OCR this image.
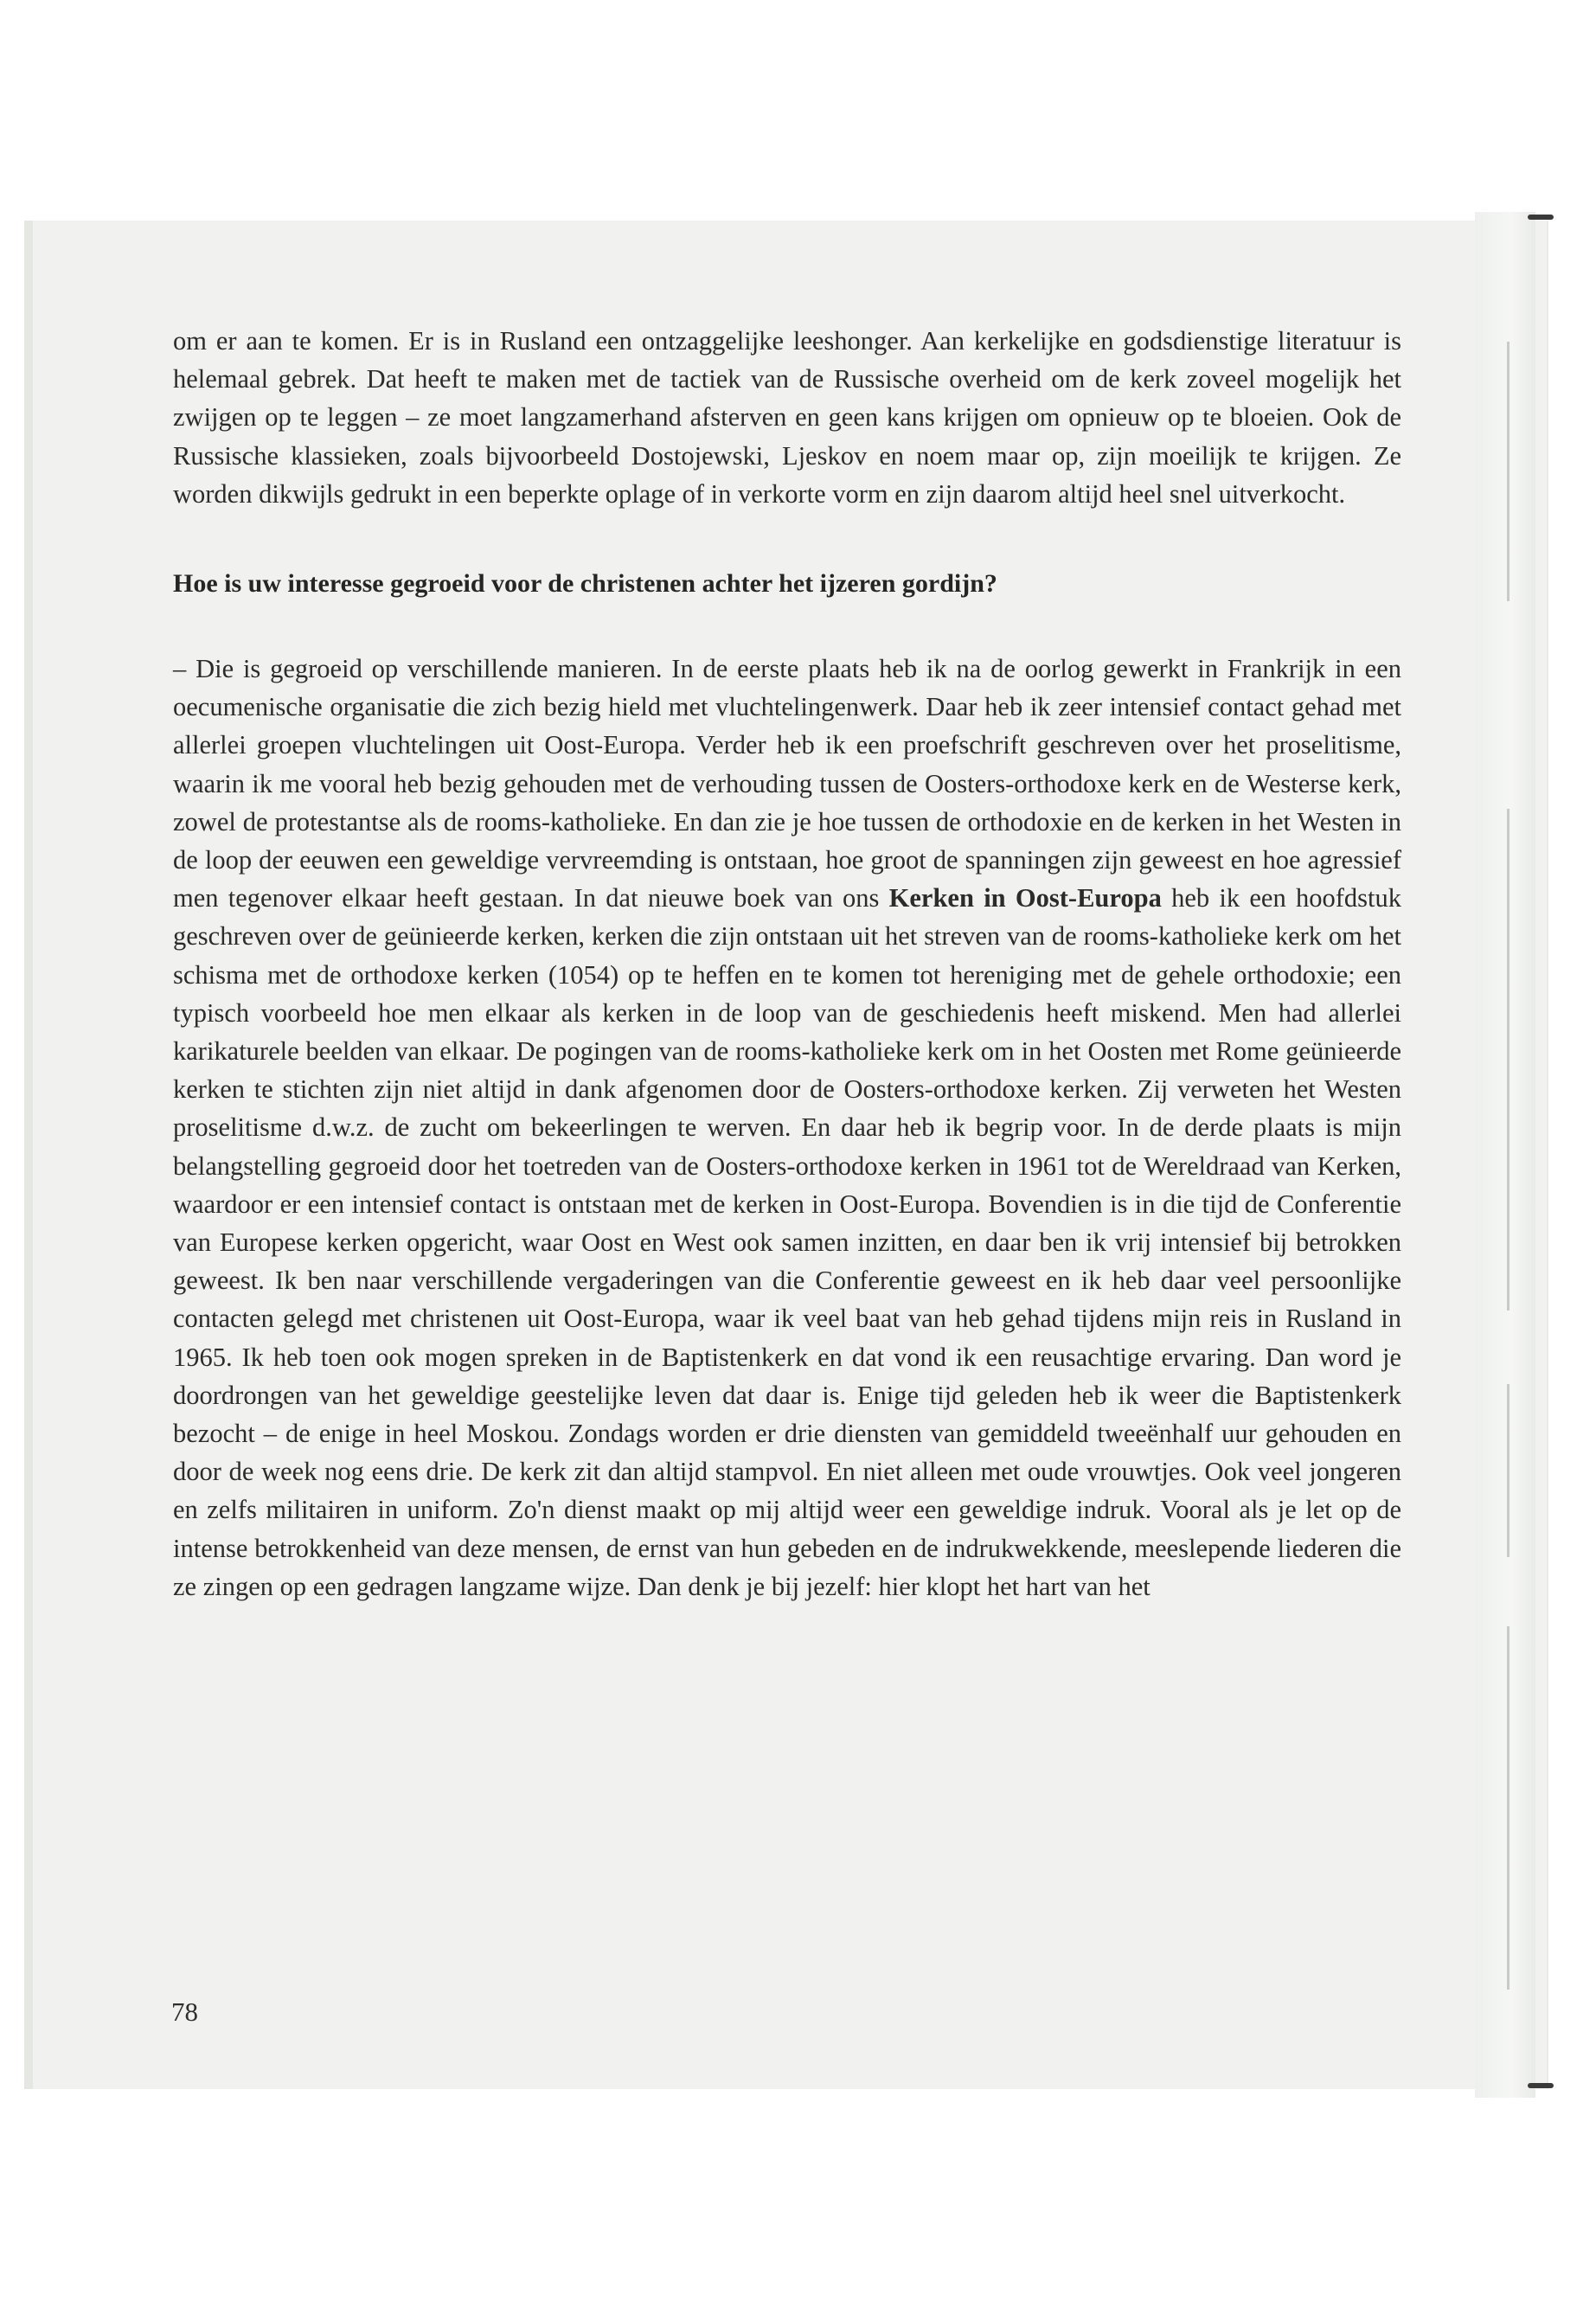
om er aan te komen. Er is in Rusland een ontzaggelijke leeshonger. Aan kerkelijke en godsdienstige literatuur is helemaal gebrek. Dat heeft te maken met de tactiek van de Russische overheid om de kerk zoveel mogelijk het zwijgen op te leggen – ze moet langzamerhand afsterven en geen kans krijgen om opnieuw op te bloeien. Ook de Russische klassieken, zoals bijvoorbeeld Dostojewski, Ljeskov en noem maar op, zijn moeilijk te krijgen. Ze worden dikwijls gedrukt in een beperkte oplage of in verkorte vorm en zijn daarom altijd heel snel uitverkocht.

Hoe is uw interesse gegroeid voor de christenen achter het ijzeren gordijn?

– Die is gegroeid op verschillende manieren. In de eerste plaats heb ik na de oorlog gewerkt in Frankrijk in een oecumenische organisatie die zich bezig hield met vluchtelingenwerk. Daar heb ik zeer intensief contact gehad met allerlei groepen vluchtelingen uit Oost-Europa. Verder heb ik een proefschrift geschreven over het proselitisme, waarin ik me vooral heb bezig gehouden met de verhouding tussen de Oosters-orthodoxe kerk en de Westerse kerk, zowel de protestantse als de rooms-katholieke. En dan zie je hoe tussen de orthodoxie en de kerken in het Westen in de loop der eeuwen een geweldige vervreemding is ontstaan, hoe groot de spanningen zijn geweest en hoe agressief men tegenover elkaar heeft gestaan. In dat nieuwe boek van ons Kerken in Oost-Europa heb ik een hoofdstuk geschreven over de geünieerde kerken, kerken die zijn ontstaan uit het streven van de rooms-katholieke kerk om het schisma met de orthodoxe kerken (1054) op te heffen en te komen tot hereniging met de gehele orthodoxie; een typisch voorbeeld hoe men elkaar als kerken in de loop van de geschiedenis heeft miskend. Men had allerlei karikaturele beelden van elkaar. De pogingen van de rooms-katholieke kerk om in het Oosten met Rome geünieerde kerken te stichten zijn niet altijd in dank afgenomen door de Oosters-orthodoxe kerken. Zij verweten het Westen proselitisme d.w.z. de zucht om bekeerlingen te werven. En daar heb ik begrip voor. In de derde plaats is mijn belangstelling gegroeid door het toetreden van de Oosters-orthodoxe kerken in 1961 tot de Wereldraad van Kerken, waardoor er een intensief contact is ontstaan met de kerken in Oost-Europa. Bovendien is in die tijd de Conferentie van Europese kerken opgericht, waar Oost en West ook samen inzitten, en daar ben ik vrij intensief bij betrokken geweest. Ik ben naar verschillende vergaderingen van die Conferentie geweest en ik heb daar veel persoonlijke contacten gelegd met christenen uit Oost-Europa, waar ik veel baat van heb gehad tijdens mijn reis in Rusland in 1965. Ik heb toen ook mogen spreken in de Baptistenkerk en dat vond ik een reusachtige ervaring. Dan word je doordrongen van het geweldige geestelijke leven dat daar is. Enige tijd geleden heb ik weer die Baptistenkerk bezocht – de enige in heel Moskou. Zondags worden er drie diensten van gemiddeld tweeënhalf uur gehouden en door de week nog eens drie. De kerk zit dan altijd stampvol. En niet alleen met oude vrouwtjes. Ook veel jongeren en zelfs militairen in uniform. Zo'n dienst maakt op mij altijd weer een geweldige indruk. Vooral als je let op de intense betrokkenheid van deze mensen, de ernst van hun gebeden en de indrukwekkende, meeslepende liederen die ze zingen op een gedragen langzame wijze. Dan denk je bij jezelf: hier klopt het hart van het

78
